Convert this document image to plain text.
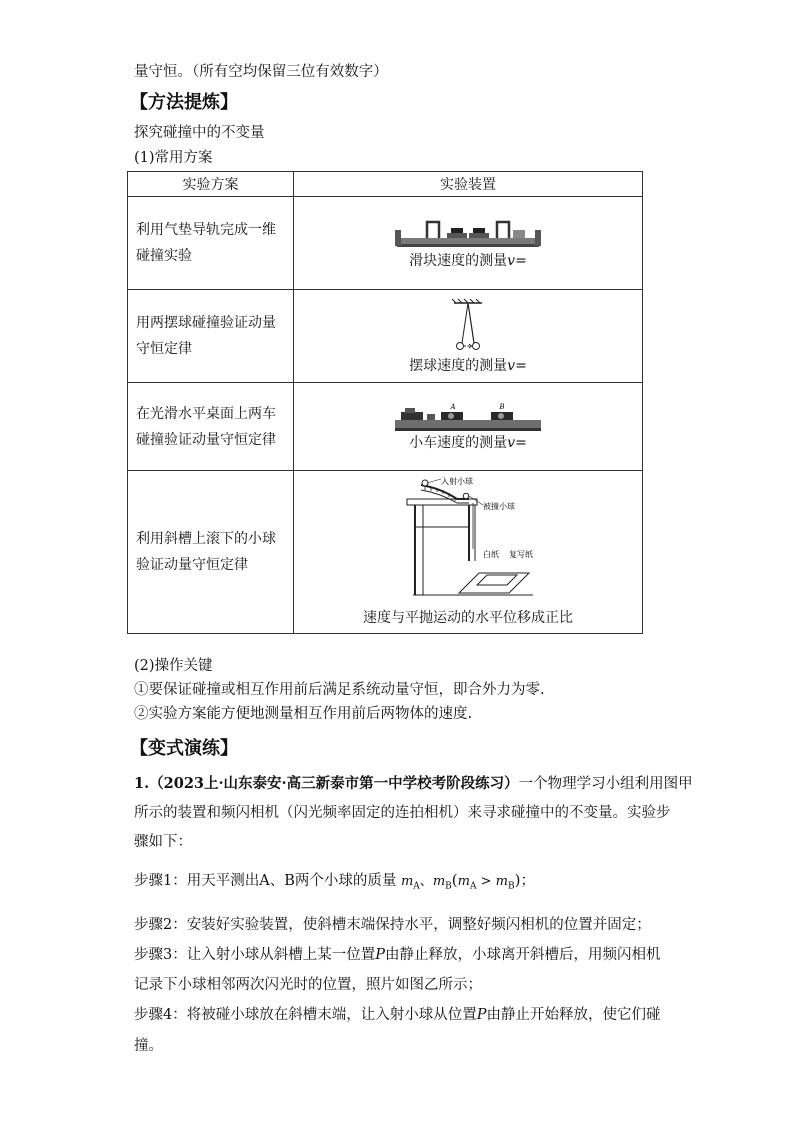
量守恒。（所有空均保留三位有效数字）
【方法提炼】
探究碰撞中的不变量
(1)常用方案
实验方案	实验装置

利用气垫导轨完成一维碰撞实验	滑块速度的测量v=

用两摆球碰撞验证动量守恒定律	摆球速度的测量v=

在光滑水平桌面上两车碰撞验证动量守恒定律	A B
小车速度的测量v=

利用斜槽上滚下的小球验证动量守恒定律	入射小球
被撞小球
白纸 复写纸
速度与平抛运动的水平位移成正比
(2)操作关键
①要保证碰撞或相互作用前后满足系统动量守恒，即合外力为零.
②实验方案能方便地测量相互作用前后两物体的速度.
【变式演练】
1.（2023上·山东泰安·高三新泰市第一中学校考阶段练习）一个物理学习小组利用图甲
所示的装置和频闪相机（闪光频率固定的连拍相机）来寻求碰撞中的不变量。实验步
骤如下：
步骤1：用天平测出A、B两个小球的质量 $m_A$、$m_B(m_A > m_B)$；
步骤2：安装好实验装置，使斜槽末端保持水平，调整好频闪相机的位置并固定；
步骤3：让入射小球从斜槽上某一位置P由静止释放，小球离开斜槽后，用频闪相机
记录下小球相邻两次闪光时的位置，照片如图乙所示；
步骤4：将被碰小球放在斜槽末端，让入射小球从位置P由静止开始释放，使它们碰
撞。
